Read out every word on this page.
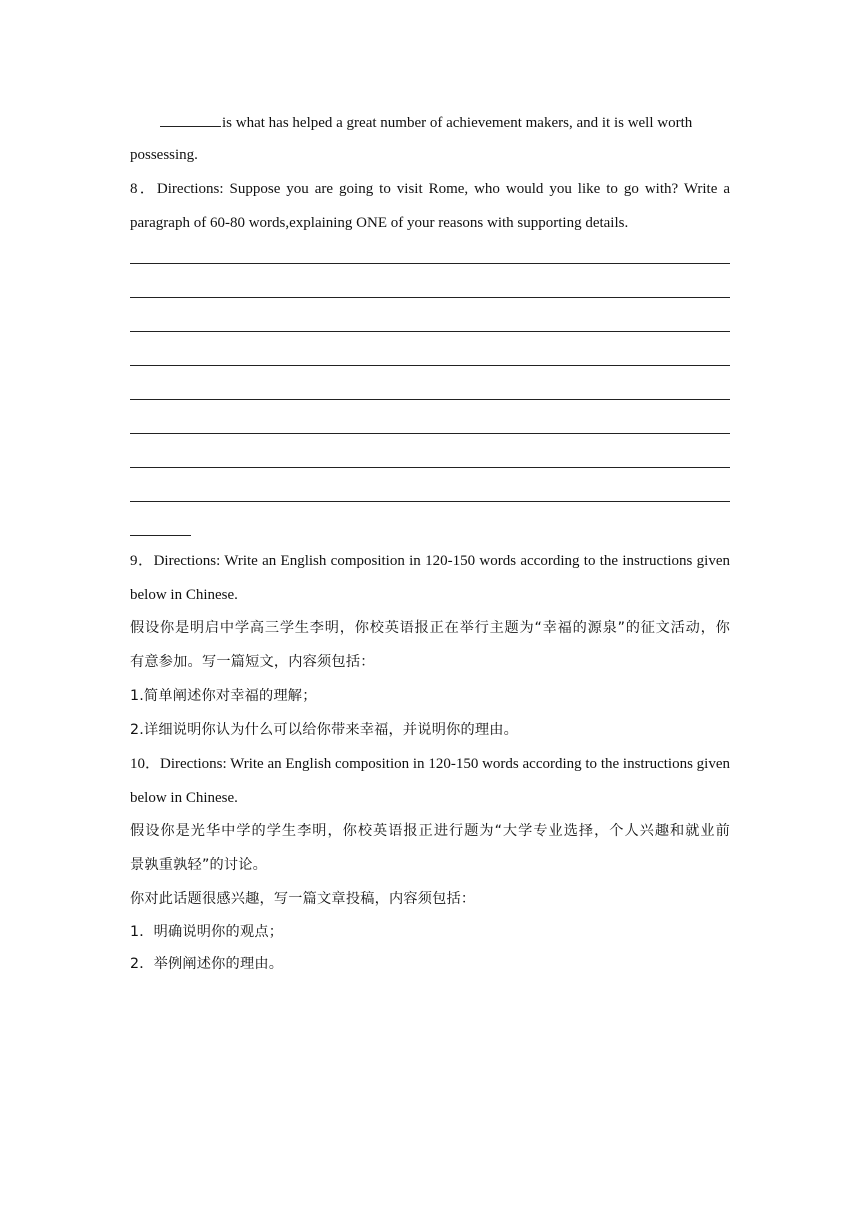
is what has helped a great number of achievement makers, and it is well worth
possessing.
8．Directions: Suppose you are going to visit Rome, who would you like to go with? Write a
paragraph of 60-80 words,explaining ONE of your reasons with supporting details.
9．Directions: Write an English composition in 120-150 words according to the instructions given
below in Chinese.
假设你是明启中学高三学生李明，你校英语报正在举行主题为“幸福的源泉”的征文活动，你
有意参加。写一篇短文，内容须包括：
1.简单阐述你对幸福的理解；
2.详细说明你认为什么可以给你带来幸福，并说明你的理由。
10．Directions: Write an English composition in 120-150 words according to the instructions given
below in Chinese.
假设你是光华中学的学生李明，你校英语报正进行题为“大学专业选择，个人兴趣和就业前
景孰重孰轻”的讨论。
你对此话题很感兴趣，写一篇文章投稿，内容须包括：
1．明确说明你的观点；
2．举例阐述你的理由。
